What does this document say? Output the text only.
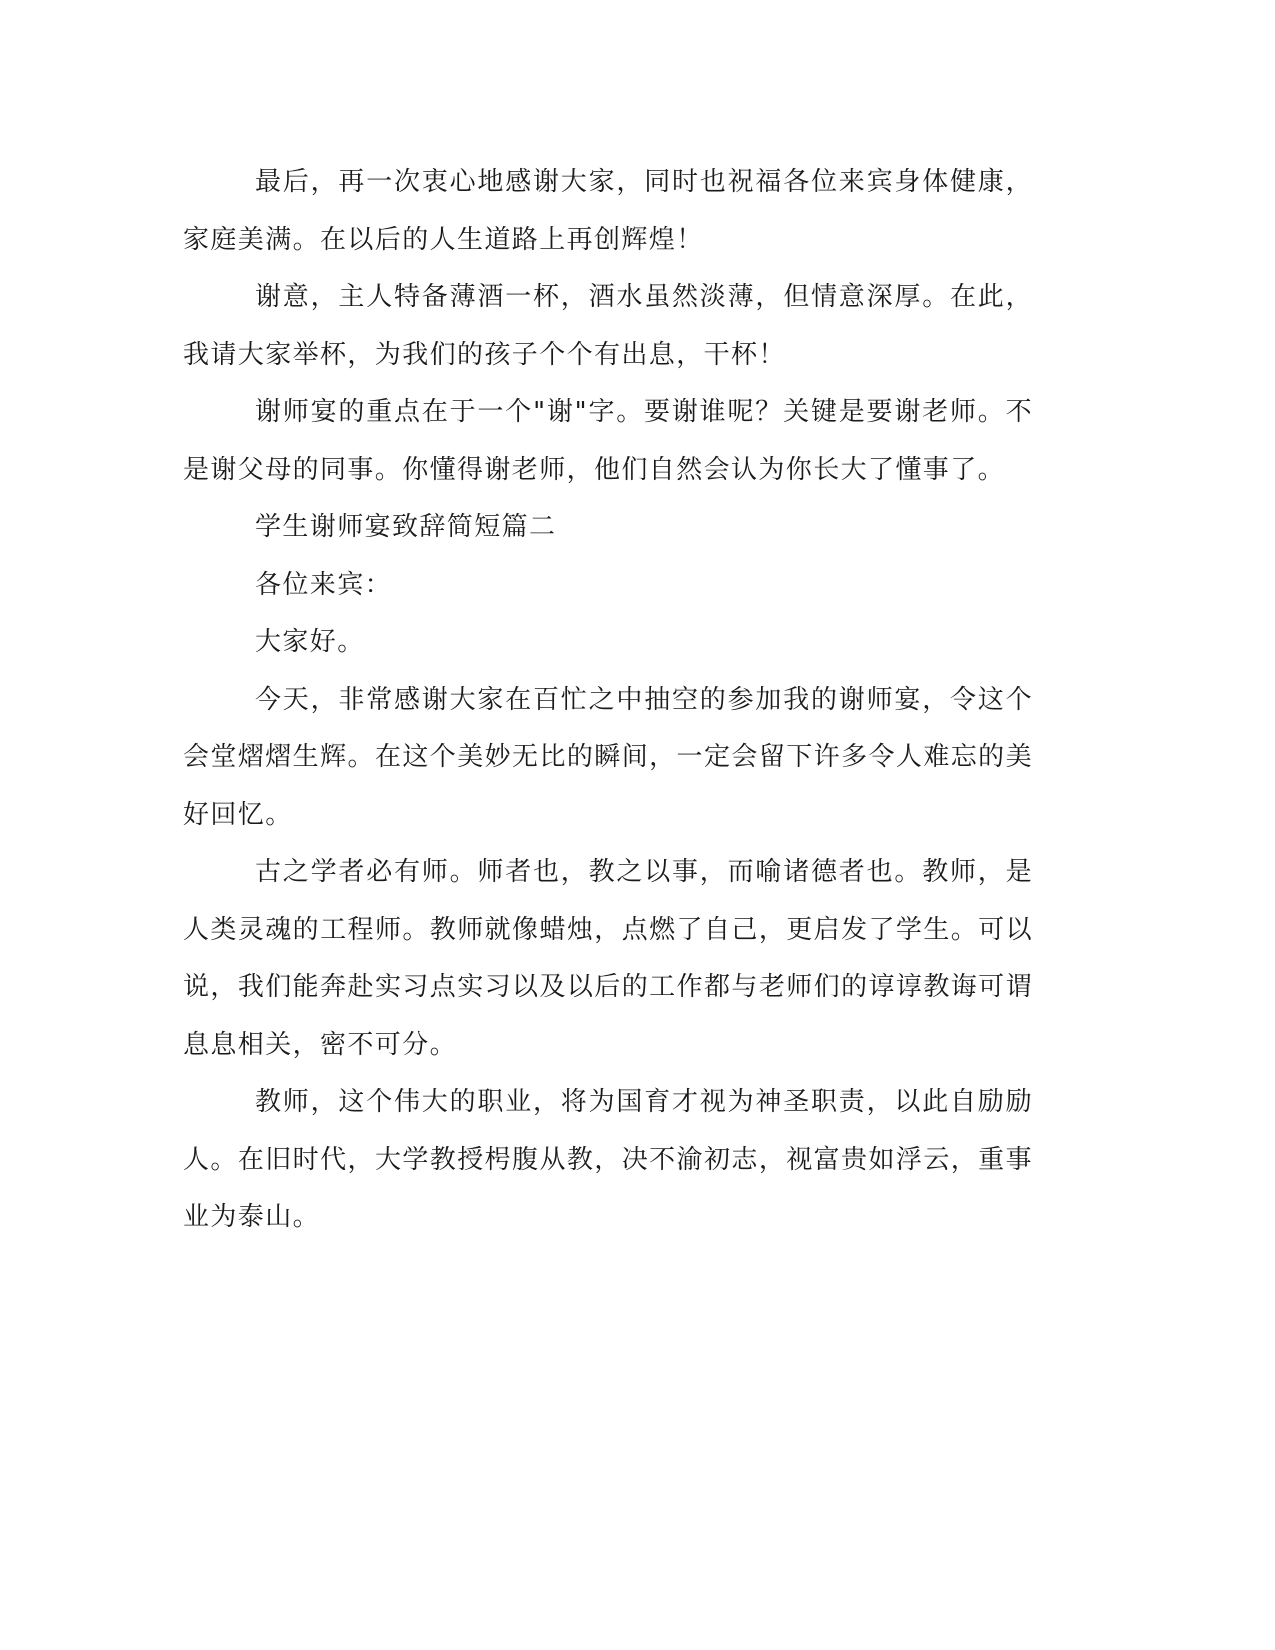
最后，再一次衷心地感谢大家，同时也祝福各位来宾身体健康，家庭美满。在以后的人生道路上再创辉煌！

谢意，主人特备薄酒一杯，酒水虽然淡薄，但情意深厚。在此，我请大家举杯，为我们的孩子个个有出息，干杯！

谢师宴的重点在于一个"谢"字。要谢谁呢？关键是要谢老师。不是谢父母的同事。你懂得谢老师，他们自然会认为你长大了懂事了。

学生谢师宴致辞简短篇二

各位来宾：

大家好。

今天，非常感谢大家在百忙之中抽空的参加我的谢师宴，令这个会堂熠熠生辉。在这个美妙无比的瞬间，一定会留下许多令人难忘的美好回忆。

古之学者必有师。师者也，教之以事，而喻诸德者也。教师，是人类灵魂的工程师。教师就像蜡烛，点燃了自己，更启发了学生。可以说，我们能奔赴实习点实习以及以后的工作都与老师们的谆谆教诲可谓息息相关，密不可分。

教师，这个伟大的职业，将为国育才视为神圣职责，以此自励励人。在旧时代，大学教授枵腹从教，决不渝初志，视富贵如浮云，重事业为泰山。
